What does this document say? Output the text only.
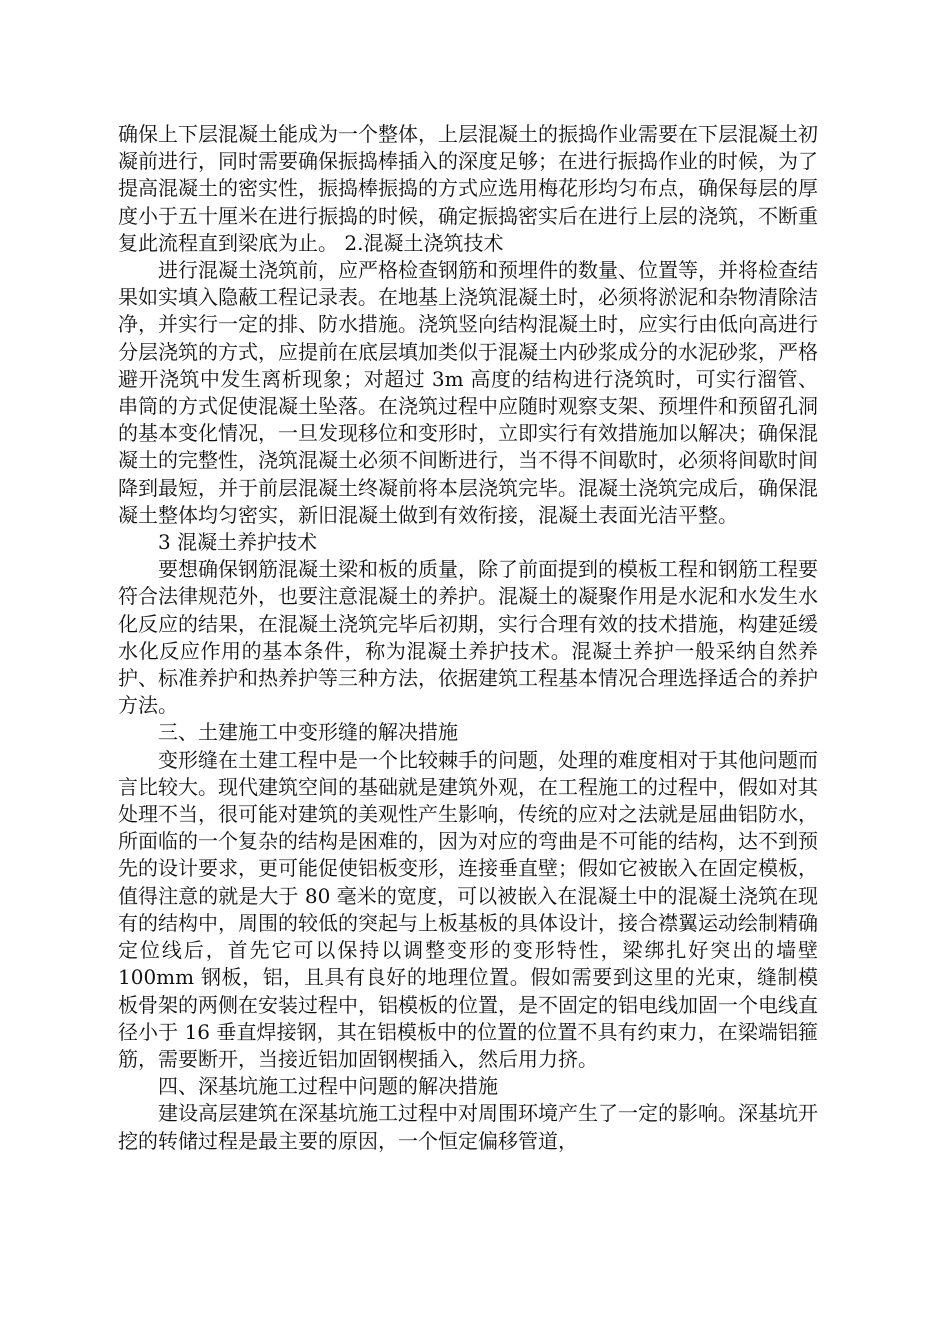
确保上下层混凝土能成为一个整体，上层混凝土的振捣作业需要在下层混凝土初凝前进行，同时需要确保振捣棒插入的深度足够；在进行振捣作业的时候，为了提高混凝土的密实性，振捣棒振捣的方式应选用梅花形均匀布点，确保每层的厚度小于五十厘米在进行振捣的时候，确定振捣密实后在进行上层的浇筑，不断重复此流程直到梁底为止。 2.混凝土浇筑技术

进行混凝土浇筑前，应严格检查钢筋和预埋件的数量、位置等，并将检查结果如实填入隐蔽工程记录表。在地基上浇筑混凝土时，必须将淤泥和杂物清除洁净，并实行一定的排、防水措施。浇筑竖向结构混凝土时，应实行由低向高进行分层浇筑的方式，应提前在底层填加类似于混凝土内砂浆成分的水泥砂浆，严格避开浇筑中发生离析现象；对超过 3m 高度的结构进行浇筑时，可实行溜管、串筒的方式促使混凝土坠落。在浇筑过程中应随时观察支架、预埋件和预留孔洞的基本变化情况，一旦发现移位和变形时，立即实行有效措施加以解决；确保混凝土的完整性，浇筑混凝土必须不间断进行，当不得不间歇时，必须将间歇时间降到最短，并于前层混凝土终凝前将本层浇筑完毕。混凝土浇筑完成后，确保混凝土整体均匀密实，新旧混凝土做到有效衔接，混凝土表面光洁平整。

3 混凝土养护技术

要想确保钢筋混凝土梁和板的质量，除了前面提到的模板工程和钢筋工程要符合法律规范外，也要注意混凝土的养护。混凝土的凝聚作用是水泥和水发生水化反应的结果，在混凝土浇筑完毕后初期，实行合理有效的技术措施，构建延缓水化反应作用的基本条件，称为混凝土养护技术。混凝土养护一般采纳自然养护、标准养护和热养护等三种方法，依据建筑工程基本情况合理选择适合的养护方法。

三、土建施工中变形缝的解决措施

变形缝在土建工程中是一个比较棘手的问题，处理的难度相对于其他问题而言比较大。现代建筑空间的基础就是建筑外观，在工程施工的过程中，假如对其处理不当，很可能对建筑的美观性产生影响，传统的应对之法就是屈曲铝防水，所面临的一个复杂的结构是困难的，因为对应的弯曲是不可能的结构，达不到预先的设计要求，更可能促使铝板变形，连接垂直壁；假如它被嵌入在固定模板，值得注意的就是大于 80 毫米的宽度，可以被嵌入在混凝土中的混凝土浇筑在现有的结构中，周围的较低的突起与上板基板的具体设计，接合襟翼运动绘制精确定位线后，首先它可以保持以调整变形的变形特性，梁绑扎好突出的墙壁 100mm 钢板，铝，且具有良好的地理位置。假如需要到这里的光束，缝制模板骨架的两侧在安装过程中，铝模板的位置，是不固定的铝电线加固一个电线直径小于 16 垂直焊接钢，其在铝模板中的位置的位置不具有约束力，在梁端铝箍筋，需要断开，当接近铝加固钢楔插入，然后用力挤。

四、深基坑施工过程中问题的解决措施

建设高层建筑在深基坑施工过程中对周围环境产生了一定的影响。深基坑开挖的转储过程是最主要的原因，一个恒定偏移管道，
